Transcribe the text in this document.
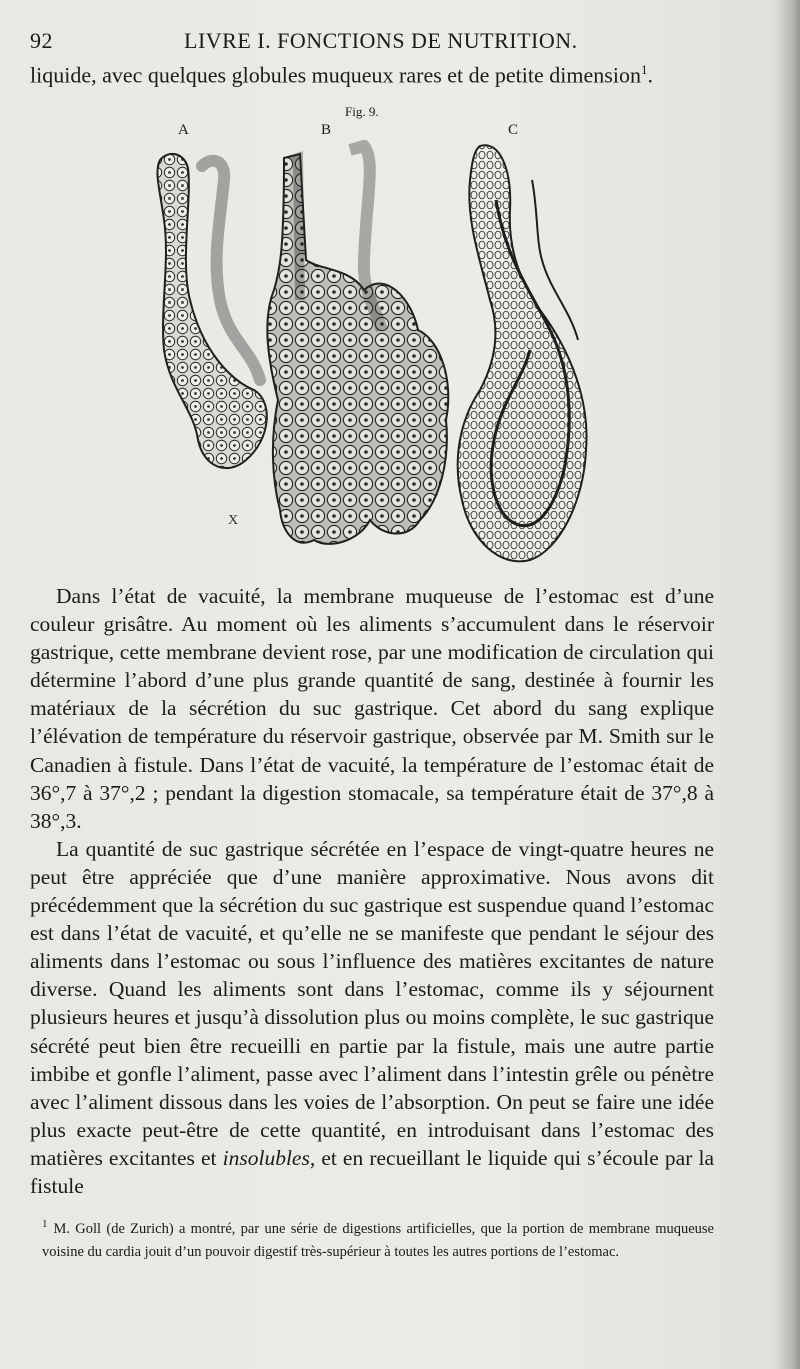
92	LIVRE I. FONCTIONS DE NUTRITION.
liquide, avec quelques globules muqueux rares et de petite dimension$^1$.
Fig. 9.
A	B	C
X

Dans l’état de vacuité, la membrane muqueuse de l’estomac est d’une couleur grisâtre. Au moment où les aliments s’accumulent dans le réservoir gastrique, cette membrane devient rose, par une modification de circulation qui détermine l’abord d’une plus grande quantité de sang, destinée à fournir les matériaux de la sécrétion du suc gastrique. Cet abord du sang explique l’élévation de température du réservoir gastrique, observée par M. Smith sur le Canadien à fistule. Dans l’état de vacuité, la température de l’estomac était de 36°,7 à 37°,2 ; pendant la digestion stomacale, sa température était de 37°,8 à 38°,3.

La quantité de suc gastrique sécrétée en l’espace de vingt-quatre heures ne peut être appréciée que d’une manière approximative. Nous avons dit précédemment que la sécrétion du suc gastrique est suspendue quand l’estomac est dans l’état de vacuité, et qu’elle ne se manifeste que pendant le séjour des aliments dans l’estomac ou sous l’influence des matières excitantes de nature diverse. Quand les aliments sont dans l’estomac, comme ils y séjournent plusieurs heures et jusqu’à dissolution plus ou moins complète, le suc gastrique sécrété peut bien être recueilli en partie par la fistule, mais une autre partie imbibe et gonfle l’aliment, passe avec l’aliment dans l’intestin grêle ou pénètre avec l’aliment dissous dans les voies de l’absorption. On peut se faire une idée plus exacte peut-être de cette quantité, en introduisant dans l’estomac des matières excitantes et insolubles, et en recueillant le liquide qui s’écoule par la fistule

$^1$ M. Goll (de Zurich) a montré, par une série de digestions artificielles, que la portion de membrane muqueuse voisine du cardia jouit d’un pouvoir digestif très-supérieur à toutes les autres portions de l’estomac.
